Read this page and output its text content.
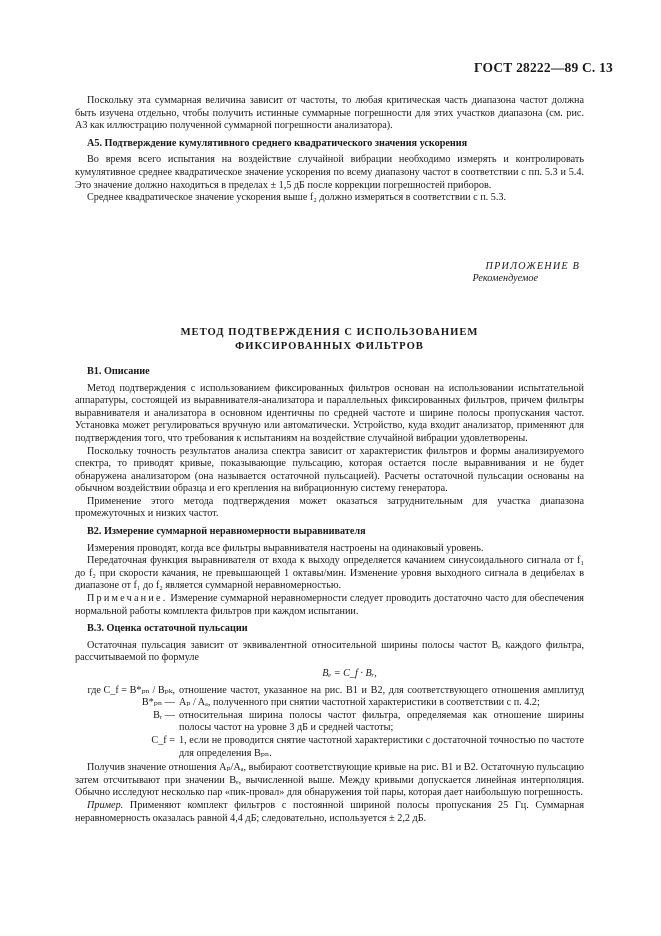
ГОСТ 28222—89 С. 13

Поскольку эта суммарная величина зависит от частоты, то любая критическая часть диапазона частот должна быть изучена отдельно, чтобы получить истинные суммарные погрешности для этих участков диапазона (см. рис. А3 как иллюстрацию полученной суммарной погрешности анализатора).

А5. Подтверждение кумулятивного среднего квадратического значения ускорения

Во время всего испытания на воздействие случайной вибрации необходимо измерять и контролировать кумулятивное среднее квадратическое значение ускорения по всему диапазону частот в соответствии с пп. 5.3 и 5.4. Это значение должно находиться в пределах ± 1,5 дБ после коррекции погрешностей приборов.

Среднее квадратическое значение ускорения выше f₂ должно измеряться в соответствии с п. 5.3.

ПРИЛОЖЕНИЕ В
Рекомендуемое
МЕТОД ПОДТВЕРЖДЕНИЯ С ИСПОЛЬЗОВАНИЕМ
ФИКСИРОВАННЫХ ФИЛЬТРОВ
В1. Описание

Метод подтверждения с использованием фиксированных фильтров основан на использовании испытательной аппаратуры, состоящей из выравнивателя-анализатора и параллельных фиксированных фильтров, причем фильтры выравнивателя и анализатора в основном идентичны по средней частоте и ширине полосы пропускания частот. Установка может регулироваться вручную или автоматически. Устройство, куда входит анализатор, применяют для подтверждения того, что требования к испытаниям на воздействие случайной вибрации удовлетворены.

Поскольку точность результатов анализа спектра зависит от характеристик фильтров и формы анализируемого спектра, то приводят кривые, показывающие пульсацию, которая остается после выравнивания и не будет обнаружена анализатором (она называется остаточной пульсацией). Расчеты остаточной пульсации основаны на обычном воздействии образца и его крепления на вибрационную систему генератора.

Применение этого метода подтверждения может оказаться затруднительным для участка диапазона промежуточных и низких частот.

В2. Измерение суммарной неравномерности выравнивателя

Измерения проводят, когда все фильтры выравнивателя настроены на одинаковый уровень.

Передаточная функция выравнивателя от входа к выходу определяется качанием синусоидального сигнала от f₁ до f₂ при скорости качания, не превышающей 1 октавы/мин. Изменение уровня выходного сигнала в децибелах в диапазоне от f₁ до f₂ является суммарной неравномерностью.

Примечание. Измерение суммарной неравномерности следует проводить достаточно часто для обеспечения нормальной работы комплекта фильтров при каждом испытании.

В.3. Оценка остаточной пульсации

Остаточная пульсация зависит от эквивалентной относительной ширины полосы частот Bₑ каждого фильтра, рассчитываемой по формуле

Bₑ = C_f · Bᵣ,
где C_f = B*ₚₙ / Bₚₖ, B*ₚₙ —
отношение частот, указанное на рис. В1 и В2, для соответствующего отношения амплитуд Aₚ / Aₐ, полученного при снятии частотной характеристики в соответствии с п. 4.2;
Bᵣ — относительная ширина полосы частот фильтра, определяемая как отношение ширины полосы частот на уровне 3 дБ и средней частоты;
C_f = 1, если не проводится снятие частотной характеристики с достаточной точностью по частоте для определения Bₚₙ.

Получив значение отношения Aₚ/Aₐ, выбирают соответствующие кривые на рис. В1 и В2. Остаточную пульсацию затем отсчитывают при значении Bₑ, вычисленной выше. Между кривыми допускается линейная интерполяция. Обычно исследуют несколько пар «пик-провал» для обнаружения той пары, которая дает наибольшую погрешность.

Пример. Применяют комплект фильтров с постоянной шириной полосы пропускания 25 Гц. Суммарная неравномерность оказалась равной 4,4 дБ; следовательно, используется ± 2,2 дБ.
